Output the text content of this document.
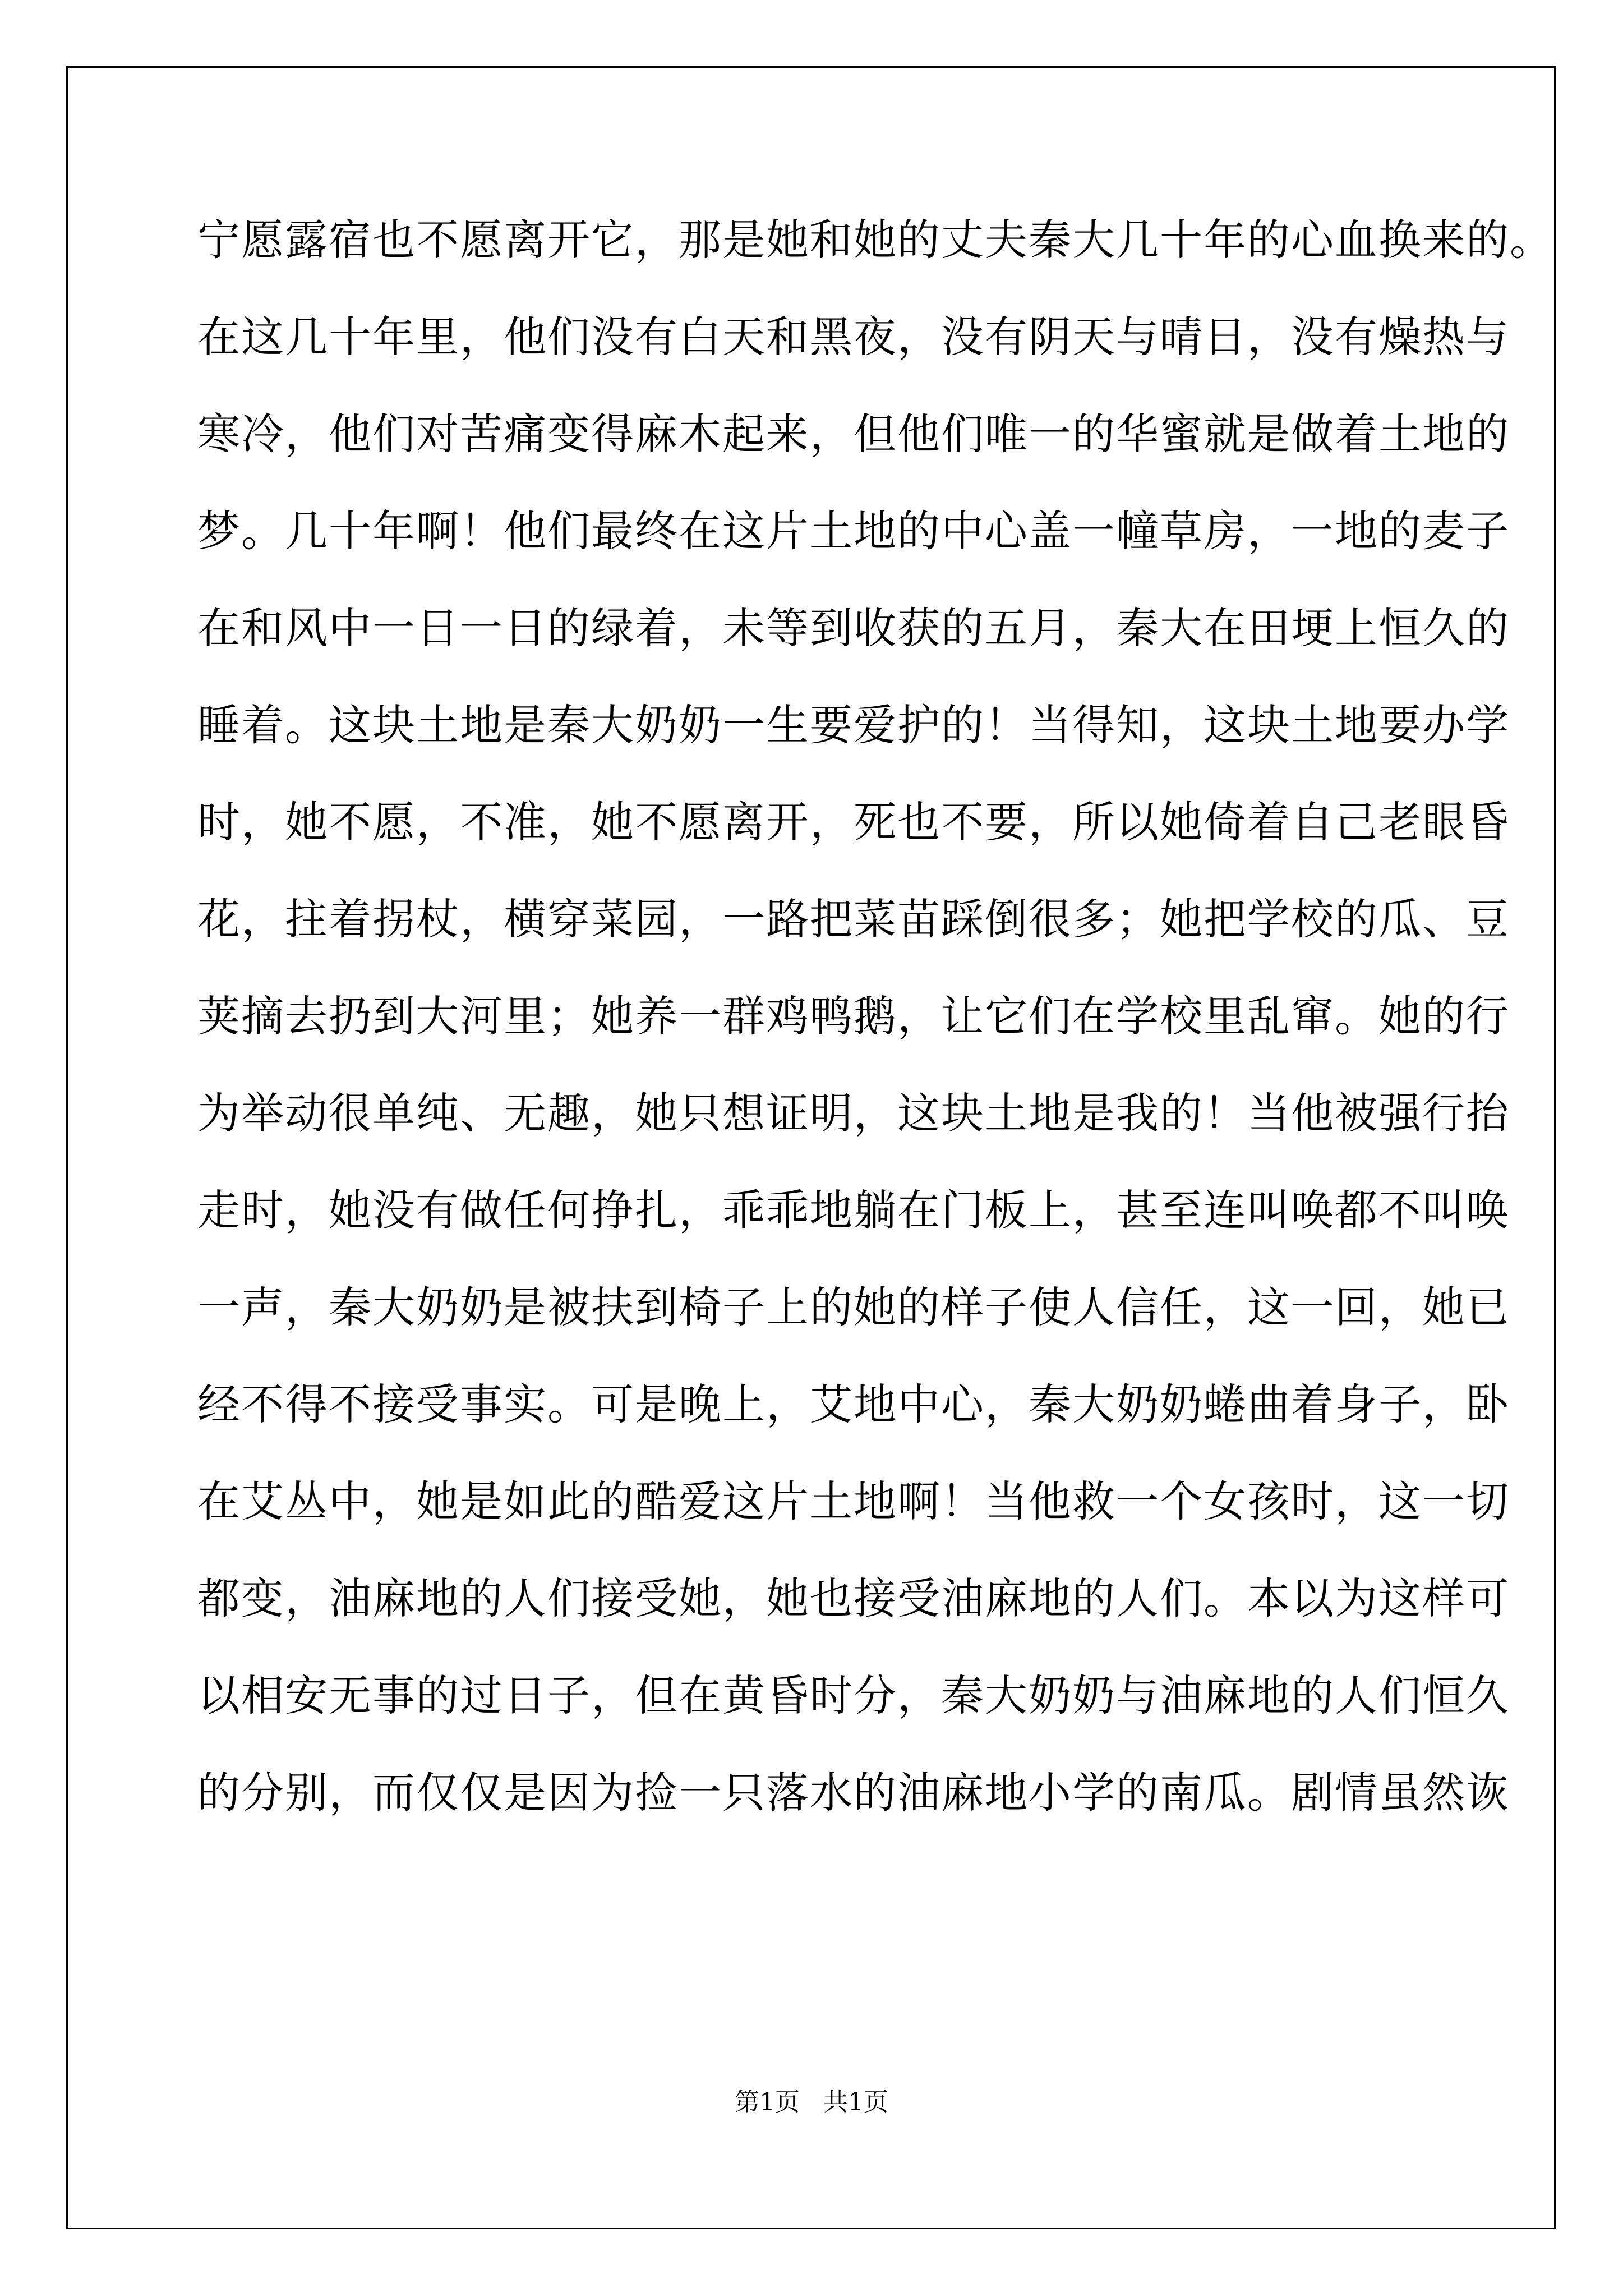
宁愿露宿也不愿离开它，那是她和她的丈夫秦大几十年的心血换来的。
在这几十年里，他们没有白天和黑夜，没有阴天与晴日，没有燥热与
寒冷，他们对苦痛变得麻木起来，但他们唯一的华蜜就是做着土地的
梦。几十年啊！他们最终在这片土地的中心盖一幢草房，一地的麦子
在和风中一日一日的绿着，未等到收获的五月，秦大在田埂上恒久的
睡着。这块土地是秦大奶奶一生要爱护的！当得知，这块土地要办学
时，她不愿，不准，她不愿离开，死也不要，所以她倚着自己老眼昏
花，拄着拐杖，横穿菜园，一路把菜苗踩倒很多；她把学校的瓜、豆
荚摘去扔到大河里；她养一群鸡鸭鹅，让它们在学校里乱窜。她的行
为举动很单纯、无趣，她只想证明，这块土地是我的！当他被强行抬
走时，她没有做任何挣扎，乖乖地躺在门板上，甚至连叫唤都不叫唤
一声，秦大奶奶是被扶到椅子上的她的样子使人信任，这一回，她已
经不得不接受事实。可是晚上，艾地中心，秦大奶奶蜷曲着身子，卧
在艾丛中，她是如此的酷爱这片土地啊！当他救一个女孩时，这一切
都变，油麻地的人们接受她，她也接受油麻地的人们。本以为这样可
以相安无事的过日子，但在黄昏时分，秦大奶奶与油麻地的人们恒久
的分别，而仅仅是因为捡一只落水的油麻地小学的南瓜。剧情虽然诙
第1页   共1页
